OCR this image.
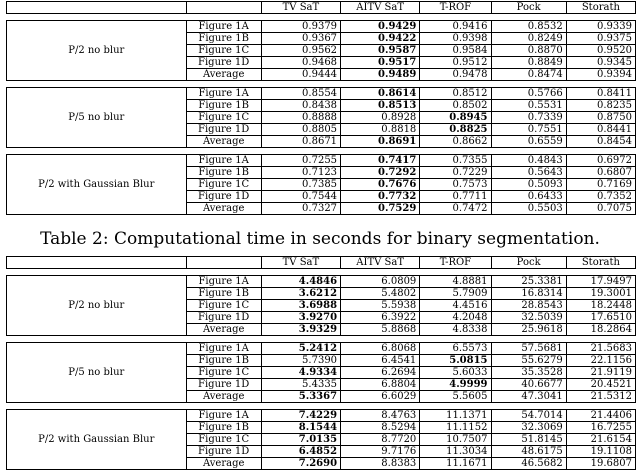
		TV SaT	AITV SaT	T-ROF	Pock	Storath

P/2 no blur	Figure 1A	0.9379	0.9429	0.9416	0.8532	0.9339
	Figure 1B	0.9367	0.9422	0.9398	0.8249	0.9375
	Figure 1C	0.9562	0.9587	0.9584	0.8870	0.9520
	Figure 1D	0.9468	0.9517	0.9512	0.8849	0.9345
	Average	0.9444	0.9489	0.9478	0.8474	0.9394

P/5 no blur	Figure 1A	0.8554	0.8614	0.8512	0.5766	0.8411
	Figure 1B	0.8438	0.8513	0.8502	0.5531	0.8235
	Figure 1C	0.8888	0.8928	0.8945	0.7339	0.8750
	Figure 1D	0.8805	0.8818	0.8825	0.7551	0.8441
	Average	0.8671	0.8691	0.8662	0.6559	0.8454

P/2 with Gaussian Blur	Figure 1A	0.7255	0.7417	0.7355	0.4843	0.6972
	Figure 1B	0.7123	0.7292	0.7229	0.5643	0.6807
	Figure 1C	0.7385	0.7676	0.7573	0.5093	0.7169
	Figure 1D	0.7544	0.7732	0.7711	0.6433	0.7352
	Average	0.7327	0.7529	0.7472	0.5503	0.7075
Table 2: Computational time in seconds for binary segmentation.
		TV SaT	AITV SaT	T-ROF	Pock	Storath

P/2 no blur	Figure 1A	4.4846	6.0809	4.8881	25.3381	17.9497
	Figure 1B	3.6212	5.4802	5.7909	16.8314	19.3001
	Figure 1C	3.6988	5.5938	4.4516	28.8543	18.2448
	Figure 1D	3.9270	6.3922	4.2048	32.5039	17.6510
	Average	3.9329	5.8868	4.8338	25.9618	18.2864

P/5 no blur	Figure 1A	5.2412	6.8068	6.5573	57.5681	21.5683
	Figure 1B	5.7390	6.4541	5.0815	55.6279	22.1156
	Figure 1C	4.9334	6.2694	5.6033	35.3528	21.9119
	Figure 1D	5.4335	6.8804	4.9999	40.6677	20.4521
	Average	5.3367	6.6029	5.5605	47.3041	21.5312

P/2 with Gaussian Blur	Figure 1A	7.4229	8.4763	11.1371	54.7014	21.4406
	Figure 1B	8.1544	8.5294	11.1152	32.3069	16.7255
	Figure 1C	7.0135	8.7720	10.7507	51.8145	21.6154
	Figure 1D	6.4852	9.7176	11.3034	48.6175	19.1108
	Average	7.2690	8.8383	11.1671	46.5682	19.6807
